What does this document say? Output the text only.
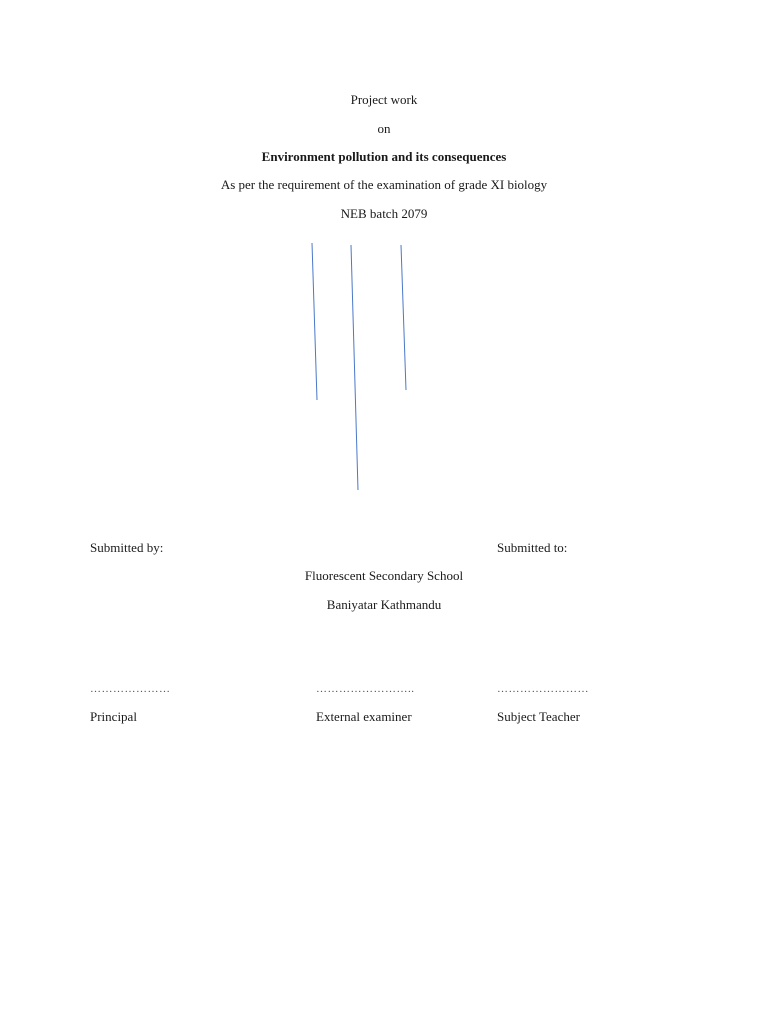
Project work
on
Environment pollution and its consequences
As per the requirement of the examination of grade XI biology
NEB batch 2079
Submitted by:	Submitted to:
Fluorescent Secondary School
Baniyatar Kathmandu
…………………	……………………..	……………………
Principal	External examiner	Subject Teacher
